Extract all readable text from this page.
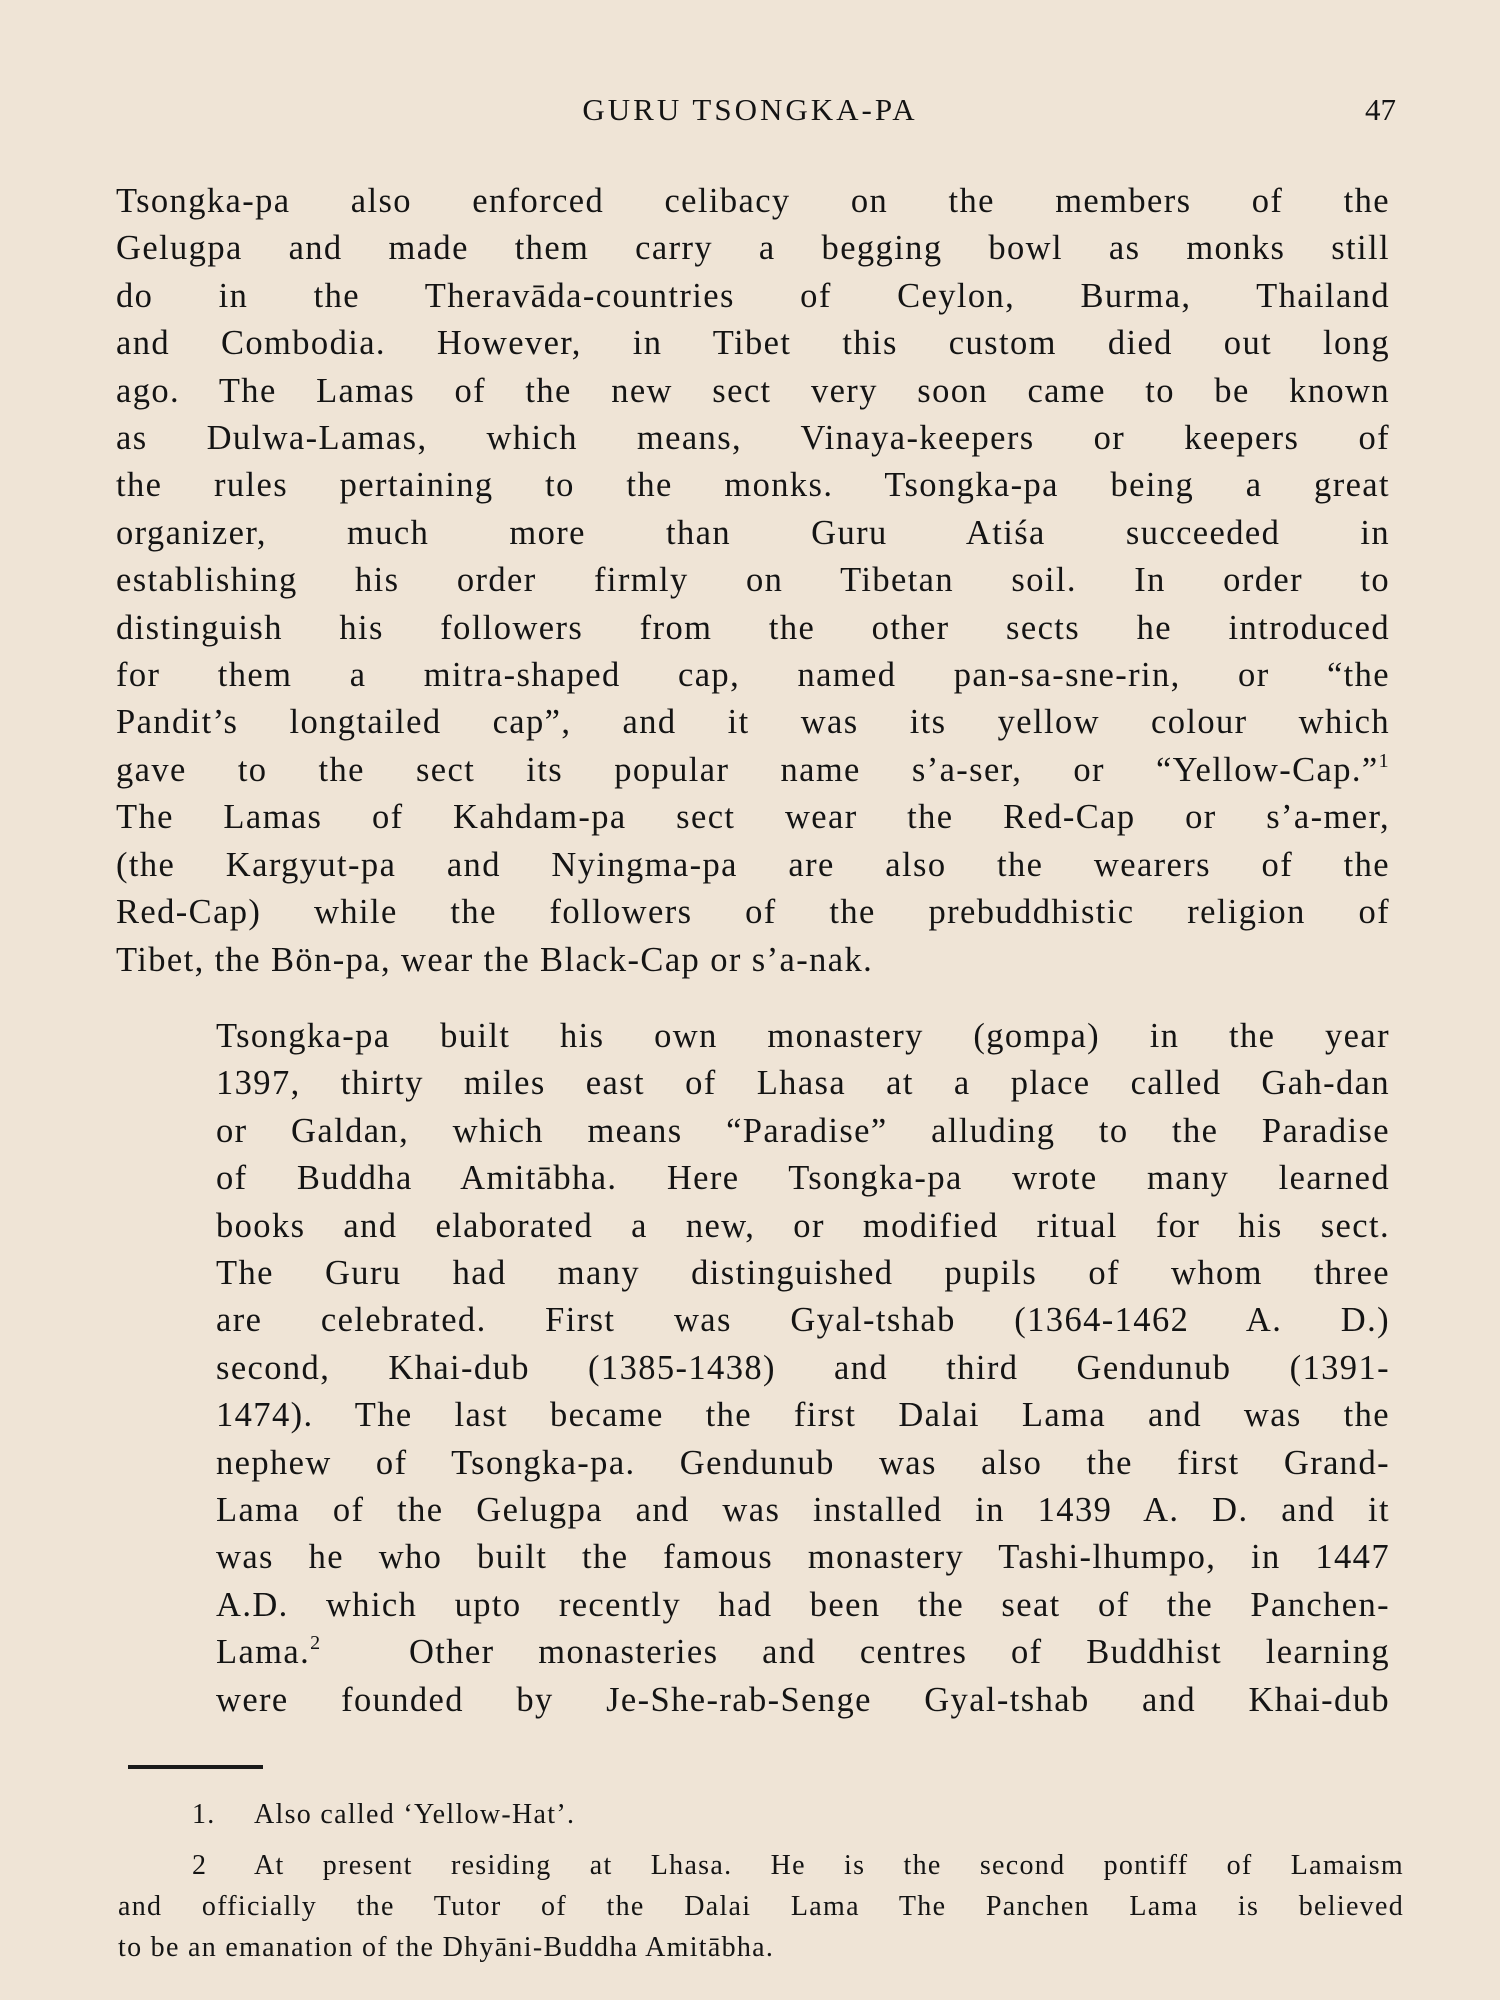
GURU TSONGKA-PA	47

Tsongka-pa also enforced celibacy on the members of the
Gelugpa and made them carry a begging bowl as monks still
do in the Theravāda-countries of Ceylon, Burma, Thailand
and Combodia. However, in Tibet this custom died out long
ago. The Lamas of the new sect very soon came to be known
as Dulwa-Lamas, which means, Vinaya-keepers or keepers of
the rules pertaining to the monks. Tsongka-pa being a great
organizer, much more than Guru Atiśa succeeded in
establishing his order firmly on Tibetan soil. In order to
distinguish his followers from the other sects he introduced
for them a mitra-shaped cap, named pan-sa-sne-rin, or “the
Pandit’s longtailed cap”, and it was its yellow colour which
gave to the sect its popular name s’a-ser, or “Yellow-Cap.”$^1$
The Lamas of Kahdam-pa sect wear the Red-Cap or s’a-mer,
(the Kargyut-pa and Nyingma-pa are also the wearers of the
Red-Cap) while the followers of the prebuddhistic religion of
Tibet, the Bön-pa, wear the Black-Cap or s’a-nak.

Tsongka-pa built his own monastery (gompa) in the year
1397, thirty miles east of Lhasa at a place called Gah-dan
or Galdan, which means “Paradise” alluding to the Paradise
of Buddha Amitābha. Here Tsongka-pa wrote many learned
books and elaborated a new, or modified ritual for his sect.
The Guru had many distinguished pupils of whom three
are celebrated. First was Gyal-tshab (1364-1462 A. D.)
second, Khai-dub (1385-1438) and third Gendunub (1391-
1474). The last became the first Dalai Lama and was the
nephew of Tsongka-pa. Gendunub was also the first Grand-
Lama of the Gelugpa and was installed in 1439 A. D. and it
was he who built the famous monastery Tashi-lhumpo, in 1447
A.D. which upto recently had been the seat of the Panchen-
Lama.$^2$	Other monasteries and centres of Buddhist learning
were founded by Je-She-rab-Senge Gyal-tshab and Khai-dub

1. Also called ‘Yellow-Hat’.

2 At present residing at Lhasa. He is the second pontiff of Lamaism
and officially the Tutor of the Dalai Lama The Panchen Lama is believed
to be an emanation of the Dhyāni-Buddha Amitābha.
